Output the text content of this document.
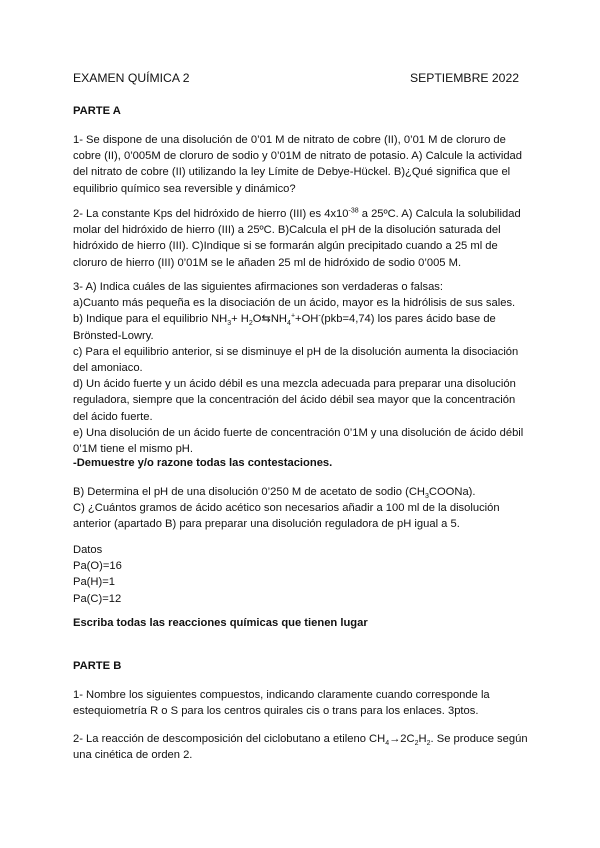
EXAMEN QUÍMICA 2	SEPTIEMBRE 2022
PARTE A
1- Se dispone de una disolución de 0’01 M de nitrato de cobre (II), 0’01 M de cloruro de cobre (II), 0’005M de cloruro de sodio y 0’01M de nitrato de potasio. A) Calcule la actividad del nitrato de cobre (II) utilizando la ley Límite de Debye-Hückel. B)¿Qué significa que el equilibrio químico sea reversible y dinámico?
2- La constante Kps del hidróxido de hierro (III) es $4x10^{-38}$ a 25ºC. A) Calcula la solubilidad molar del hidróxido de hierro (III) a 25ºC. B)Calcula el pH de la disolución saturada del hidróxido de hierro (III). C)Indique si se formarán algún precipitado cuando a 25 ml de cloruro de hierro (III) 0’01M se le añaden 25 ml de hidróxido de sodio 0’005 M.
3- A) Indica cuáles de las siguientes afirmaciones son verdaderas o falsas:
a)Cuanto más pequeña es la disociación de un ácido, mayor es la hidrólisis de sus sales.
b) Indique para el equilibrio $NH_3+$ $H_2O⇆NH_4^++OH^-(pkb=4,74)$ los pares ácido base de Brönsted-Lowry.
c) Para el equilibrio anterior, si se disminuye el pH de la disolución aumenta la disociación del amoniaco.
d) Un ácido fuerte y un ácido débil es una mezcla adecuada para preparar una disolución reguladora, siempre que la concentración del ácido débil sea mayor que la concentración del ácido fuerte.
e) Una disolución de un ácido fuerte de concentración 0’1M y una disolución de ácido débil 0’1M tiene el mismo pH.
-Demuestre y/o razone todas las contestaciones.
B) Determina el pH de una disolución 0’250 M de acetato de sodio $(CH_3COONa)$.
C) ¿Cuántos gramos de ácido acético son necesarios añadir a 100 ml de la disolución anterior (apartado B) para preparar una disolución reguladora de pH igual a 5.
Datos
Pa(O)=16
Pa(H)=1
Pa(C)=12
Escriba todas las reacciones químicas que tienen lugar
PARTE B
1- Nombre los siguientes compuestos, indicando claramente cuando corresponde la estequiometría R o S para los centros quirales cis o trans para los enlaces. 3ptos.
2- La reacción de descomposición del ciclobutano a etileno $CH_4\to 2C_2H_2$. Se produce según una cinética de orden 2.
